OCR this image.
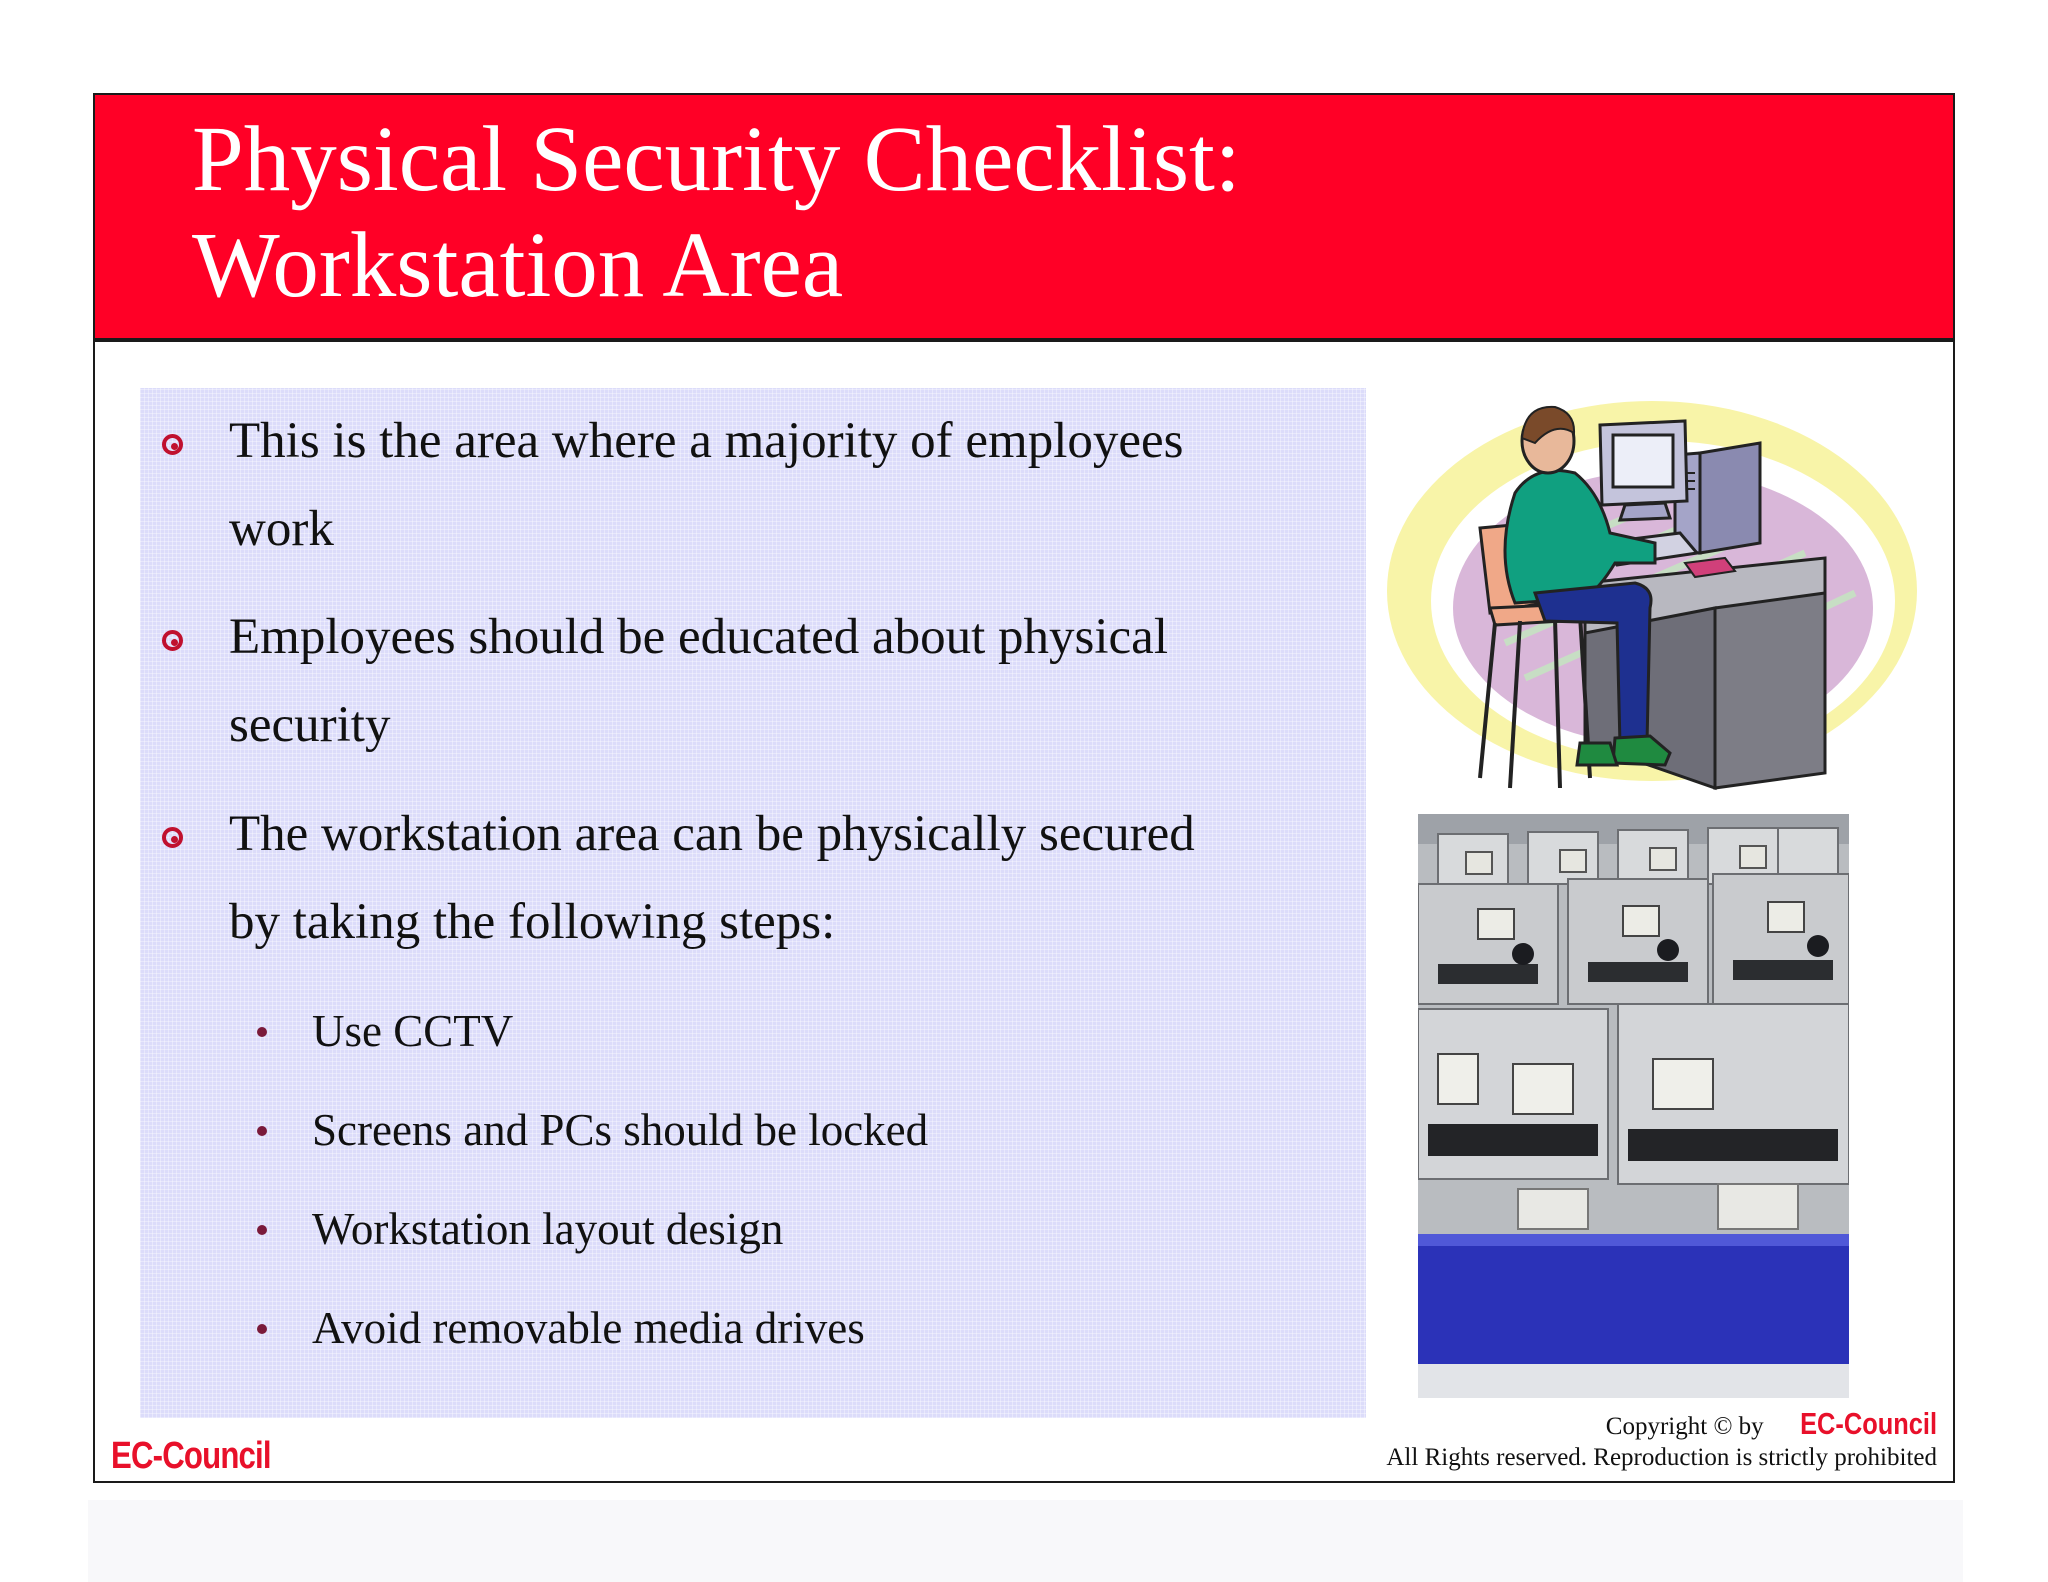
Physical Security Checklist:
Workstation Area
This is the area where a majority of employees
work
Employees should be educated about physical
security
The workstation area can be physically secured
by taking the following steps:
Use CCTV
Screens and PCs should be locked
Workstation layout design
Avoid removable media drives
EC-Council
Copyright © by EC-Council
All Rights reserved. Reproduction is strictly prohibited
